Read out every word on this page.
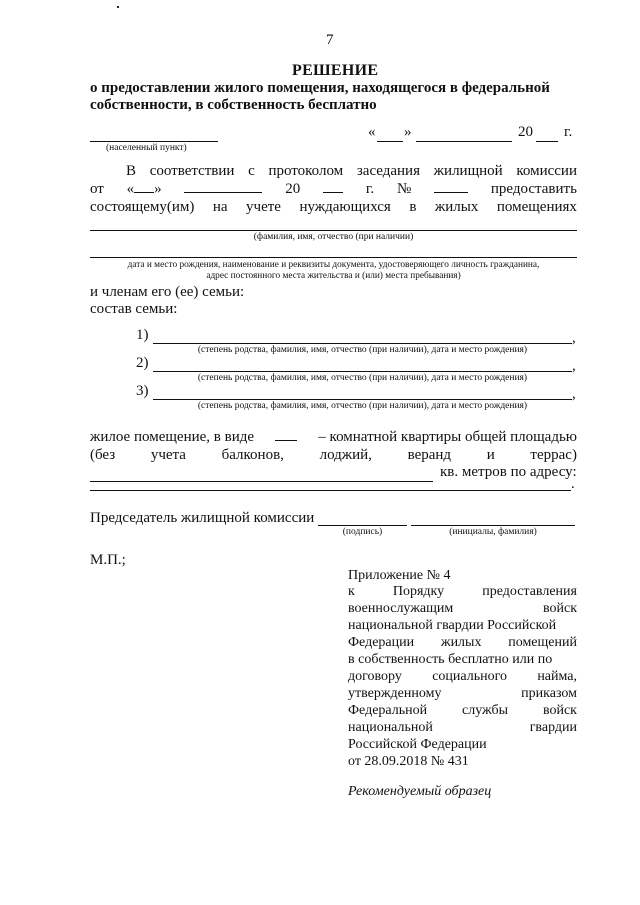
7
РЕШЕНИЕ
о предоставлении жилого помещения, находящегося в федеральной
собственности, в собственность бесплатно
(населенный пункт)
« »	20 г.
В соответствии с протоколом заседания жилищной комиссии
от « »	20	г. №	предоставить
состоящему(им) на учете нуждающихся в жилых помещениях
(фамилия, имя, отчество (при наличии)
дата и место рождения, наименование и реквизиты документа, удостоверяющего личность гражданина,
адрес постоянного места жительства и (или) места пребывания)
и членам его (ее) семьи:
состав семьи:
1)	,
(степень родства, фамилия, имя, отчество (при наличии), дата и место рождения)
2)	,
(степень родства, фамилия, имя, отчество (при наличии), дата и место рождения)
3)	,
(степень родства, фамилия, имя, отчество (при наличии), дата и место рождения)
жилое помещение, в виде	– комнатной квартиры общей площадью
(без учета балконов, лоджий, веранд и террас)
кв. метров по адресу:
.
Председатель жилищной комиссии
(подпись)	(инициалы, фамилия)
М.П.;
Приложение № 4
к	Порядку	предоставления
военнослужащим	войск
национальной гвардии Российской
Федерации жилых помещений
в собственность бесплатно или по
договору социального найма,
утвержденному	приказом
Федеральной службы войск
национальной	гвардии
Российской Федерации
от 28.09.2018 № 431
Рекомендуемый образец
